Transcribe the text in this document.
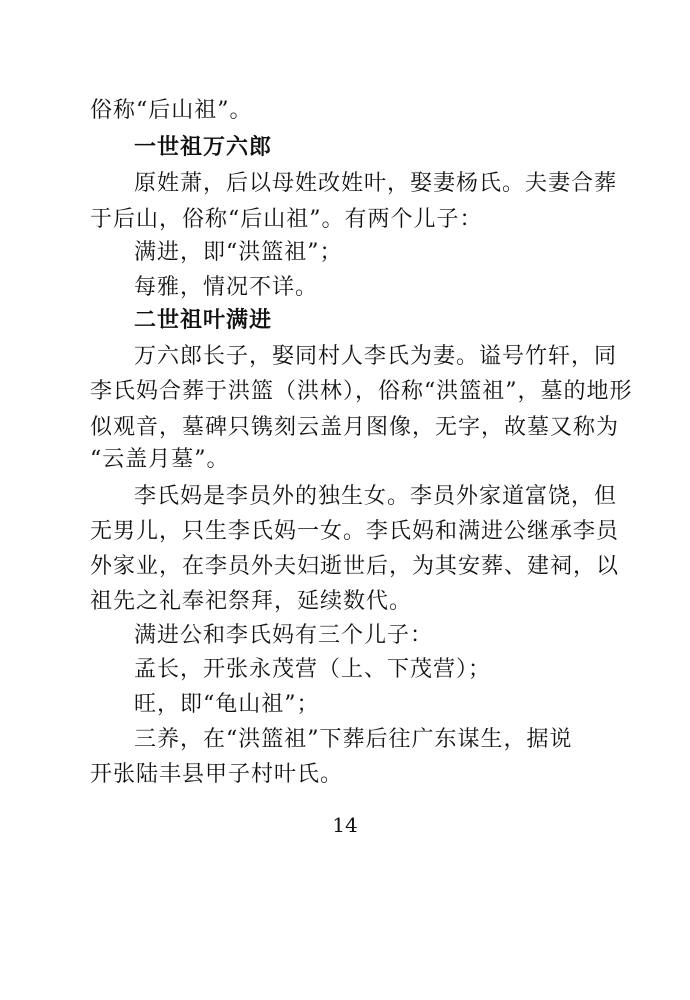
俗称“后山祖”。
一世祖万六郎
原姓萧，后以母姓改姓叶，娶妻杨氏。夫妻合葬
于后山，俗称“后山祖”。有两个儿子：
满进，即“洪篮祖”；
每雅，情况不详。
二世祖叶满进
万六郎长子，娶同村人李氏为妻。谥号竹轩，同
李氏妈合葬于洪篮（洪林），俗称“洪篮祖”，墓的地形
似观音，墓碑只镌刻云盖月图像，无字，故墓又称为
“云盖月墓”。
李氏妈是李员外的独生女。李员外家道富饶，但
无男儿，只生李氏妈一女。李氏妈和满进公继承李员
外家业，在李员外夫妇逝世后，为其安葬、建祠，以
祖先之礼奉祀祭拜，延续数代。
满进公和李氏妈有三个儿子：
孟长，开张永茂营（上、下茂营）；
旺，即“龟山祖”；
三养，在“洪篮祖”下葬后往广东谋生，据说
开张陆丰县甲子村叶氏。
14
